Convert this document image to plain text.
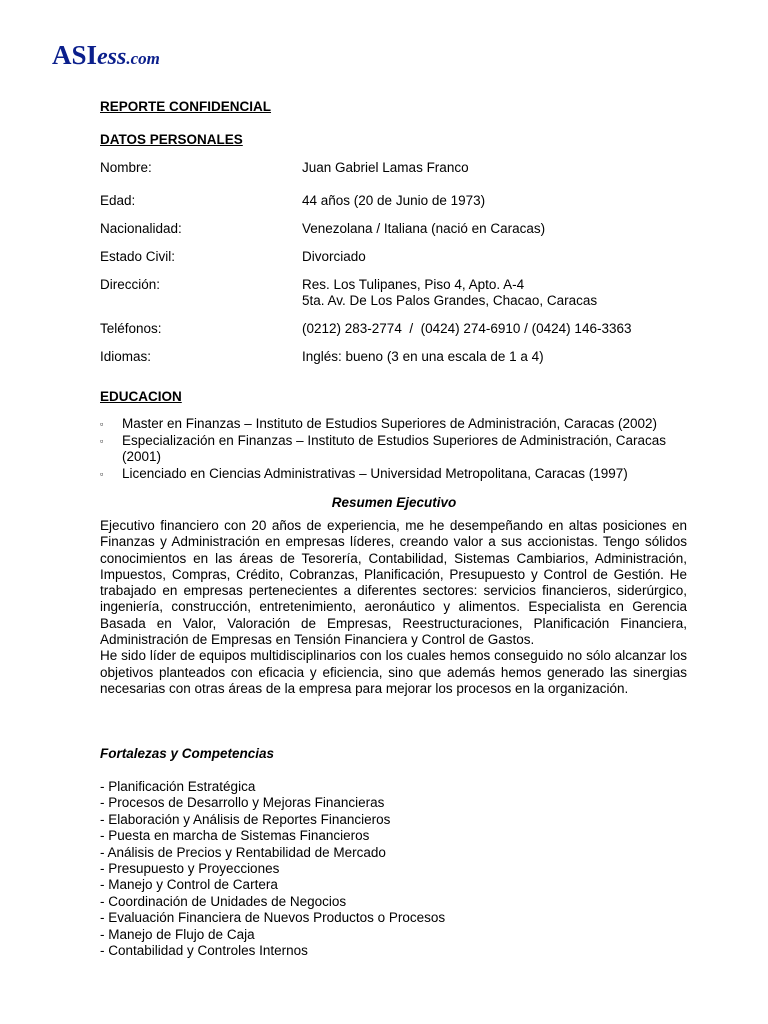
ASIess.com
REPORTE CONFIDENCIAL
DATOS PERSONALES
Nombre:	Juan Gabriel Lamas Franco
Edad:	44 años (20 de Junio de 1973)
Nacionalidad:	Venezolana / Italiana (nació en Caracas)
Estado Civil:	Divorciado
Dirección:	Res. Los Tulipanes, Piso 4, Apto. A-4
5ta. Av. De Los Palos Grandes, Chacao, Caracas
Teléfonos:	(0212) 283-2774  /  (0424) 274-6910 / (0424) 146-3363
Idiomas:	Inglés: bueno (3 en una escala de 1 a 4)
EDUCACION
▫ Master en Finanzas – Instituto de Estudios Superiores de Administración, Caracas (2002)
▫ Especialización en Finanzas – Instituto de Estudios Superiores de Administración, Caracas (2001)
▫ Licenciado en Ciencias Administrativas – Universidad Metropolitana, Caracas (1997)
Resumen Ejecutivo

Ejecutivo financiero con 20 años de experiencia, me he desempeñando en altas posiciones en Finanzas y Administración en empresas líderes, creando valor a sus accionistas. Tengo sólidos conocimientos en las áreas de Tesorería, Contabilidad, Sistemas Cambiarios, Administración, Impuestos, Compras, Crédito, Cobranzas, Planificación, Presupuesto y Control de Gestión. He trabajado en empresas pertenecientes a diferentes sectores: servicios financieros, siderúrgico, ingeniería, construcción, entretenimiento, aeronáutico y alimentos. Especialista en Gerencia Basada en Valor, Valoración de Empresas, Reestructuraciones, Planificación Financiera, Administración de Empresas en Tensión Financiera y Control de Gastos.

He sido líder de equipos multidisciplinarios con los cuales hemos conseguido no sólo alcanzar los objetivos planteados con eficacia y eficiencia, sino que además hemos generado las sinergias necesarias con otras áreas de la empresa para mejorar los procesos en la organización.

Fortalezas y Competencias
- Planificación Estratégica
- Procesos de Desarrollo y Mejoras Financieras
- Elaboración y Análisis de Reportes Financieros
- Puesta en marcha de Sistemas Financieros
- Análisis de Precios y Rentabilidad de Mercado
- Presupuesto y Proyecciones
- Manejo y Control de Cartera
- Coordinación de Unidades de Negocios
- Evaluación Financiera de Nuevos Productos o Procesos
- Manejo de Flujo de Caja
- Contabilidad y Controles Internos
